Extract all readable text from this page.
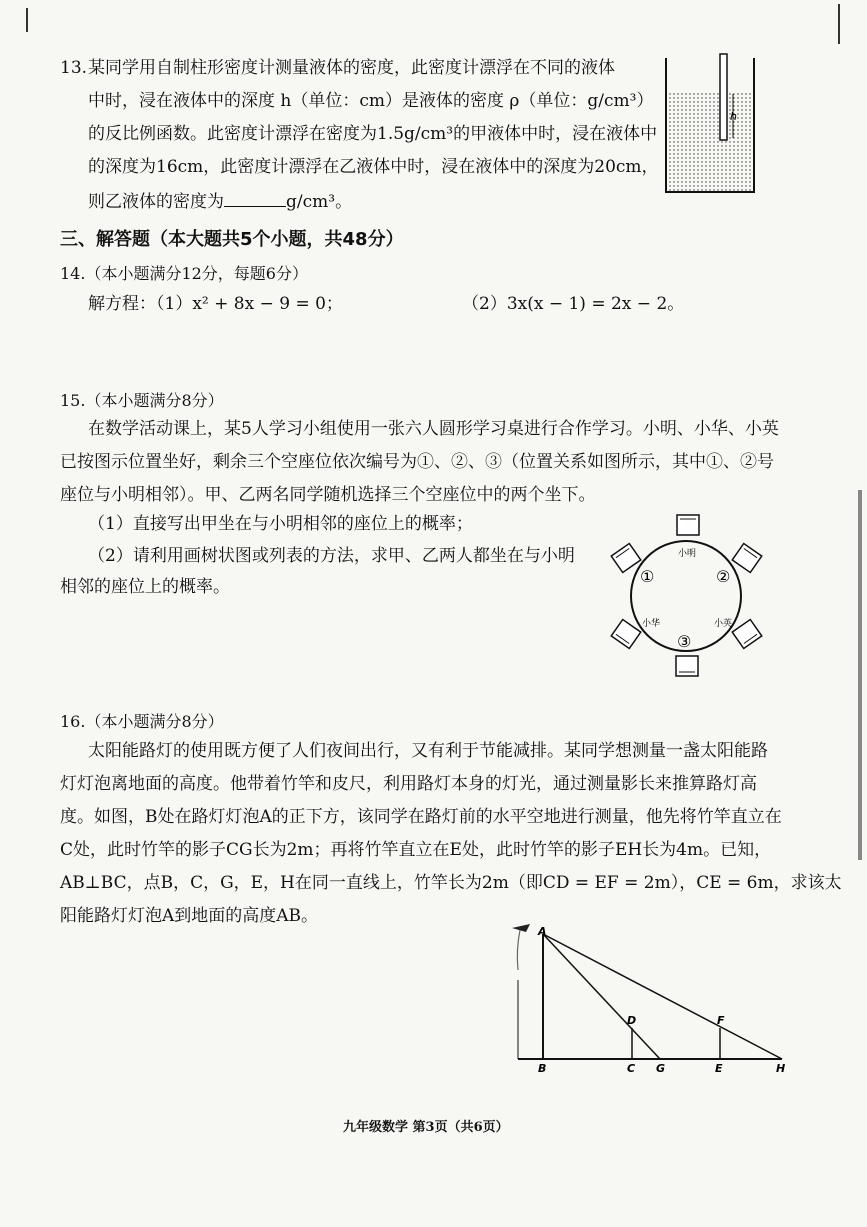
13. 某同学用自制柱形密度计测量液体的密度，此密度计漂浮在不同的液体
中时，浸在液体中的深度 h（单位：cm）是液体的密度 ρ（单位：g/cm³）
的反比例函数。此密度计漂浮在密度为1.5g/cm³的甲液体中时，浸在液体中
的深度为16cm，此密度计漂浮在乙液体中时，浸在液体中的深度为20cm，
则乙液体的密度为	g/cm³。
h
三、解答题（本大题共5个小题，共48分）
14.（本小题满分12分，每题6分）
解方程：（1）x² + 8x − 9 = 0；	（2）3x(x − 1) = 2x − 2。
15.（本小题满分8分）
在数学活动课上，某5人学习小组使用一张六人圆形学习桌进行合作学习。小明、小华、小英
已按图示位置坐好，剩余三个空座位依次编号为①、②、③（位置关系如图所示，其中①、②号
座位与小明相邻）。甲、乙两名同学随机选择三个空座位中的两个坐下。
（1）直接写出甲坐在与小明相邻的座位上的概率；
（2）请利用画树状图或列表的方法，求甲、乙两人都坐在与小明
相邻的座位上的概率。
小明
小华	小英
①	②
③
16.（本小题满分8分）
太阳能路灯的使用既方便了人们夜间出行，又有利于节能减排。某同学想测量一盏太阳能路
灯灯泡离地面的高度。他带着竹竿和皮尺，利用路灯本身的灯光，通过测量影长来推算路灯高
度。如图，B处在路灯灯泡A的正下方，该同学在路灯前的水平空地进行测量，他先将竹竿直立在
C处，此时竹竿的影子CG长为2m；再将竹竿直立在E处，此时竹竿的影子EH长为4m。已知，
AB⊥BC，点B，C，G，E，H在同一直线上，竹竿长为2m（即CD = EF = 2m），CE = 6m，求该太
阳能路灯灯泡A到地面的高度AB。
A
B	C
D
G	E
F
H
九年级数学 第3页（共6页）
